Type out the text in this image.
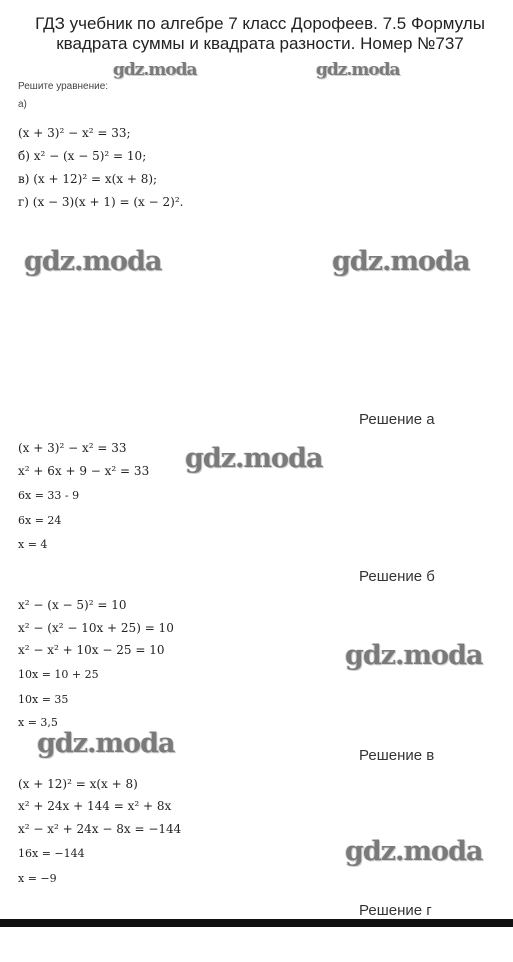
ГДЗ учебник по алгебре 7 класс Дорофеев. 7.5 Формулы квадрата суммы и квадрата разности. Номер №737
gdz.moda	gdz.moda
gdz.moda	gdz.moda
gdz.moda
gdz.moda
gdz.moda
gdz.moda
Решите уравнение:
а)
(x + 3)² − x² = 33;
б) x² − (x − 5)² = 10;
в) (x + 12)² = x(x + 8);
г) (x − 3)(x + 1) = (x − 2)².
Решение а
(x + 3)² − x² = 33
x² + 6x + 9 − x² = 33
6x = 33 - 9
6x = 24
x = 4
Решение б
x² − (x − 5)² = 10
x² − (x² − 10x + 25) = 10
x² − x² + 10x − 25 = 10
10x = 10 + 25
10x = 35
x = 3,5
Решение в
(x + 12)² = x(x + 8)
x² + 24x + 144 = x² + 8x
x² − x² + 24x − 8x = −144
16x = −144
x = −9
Решение г
